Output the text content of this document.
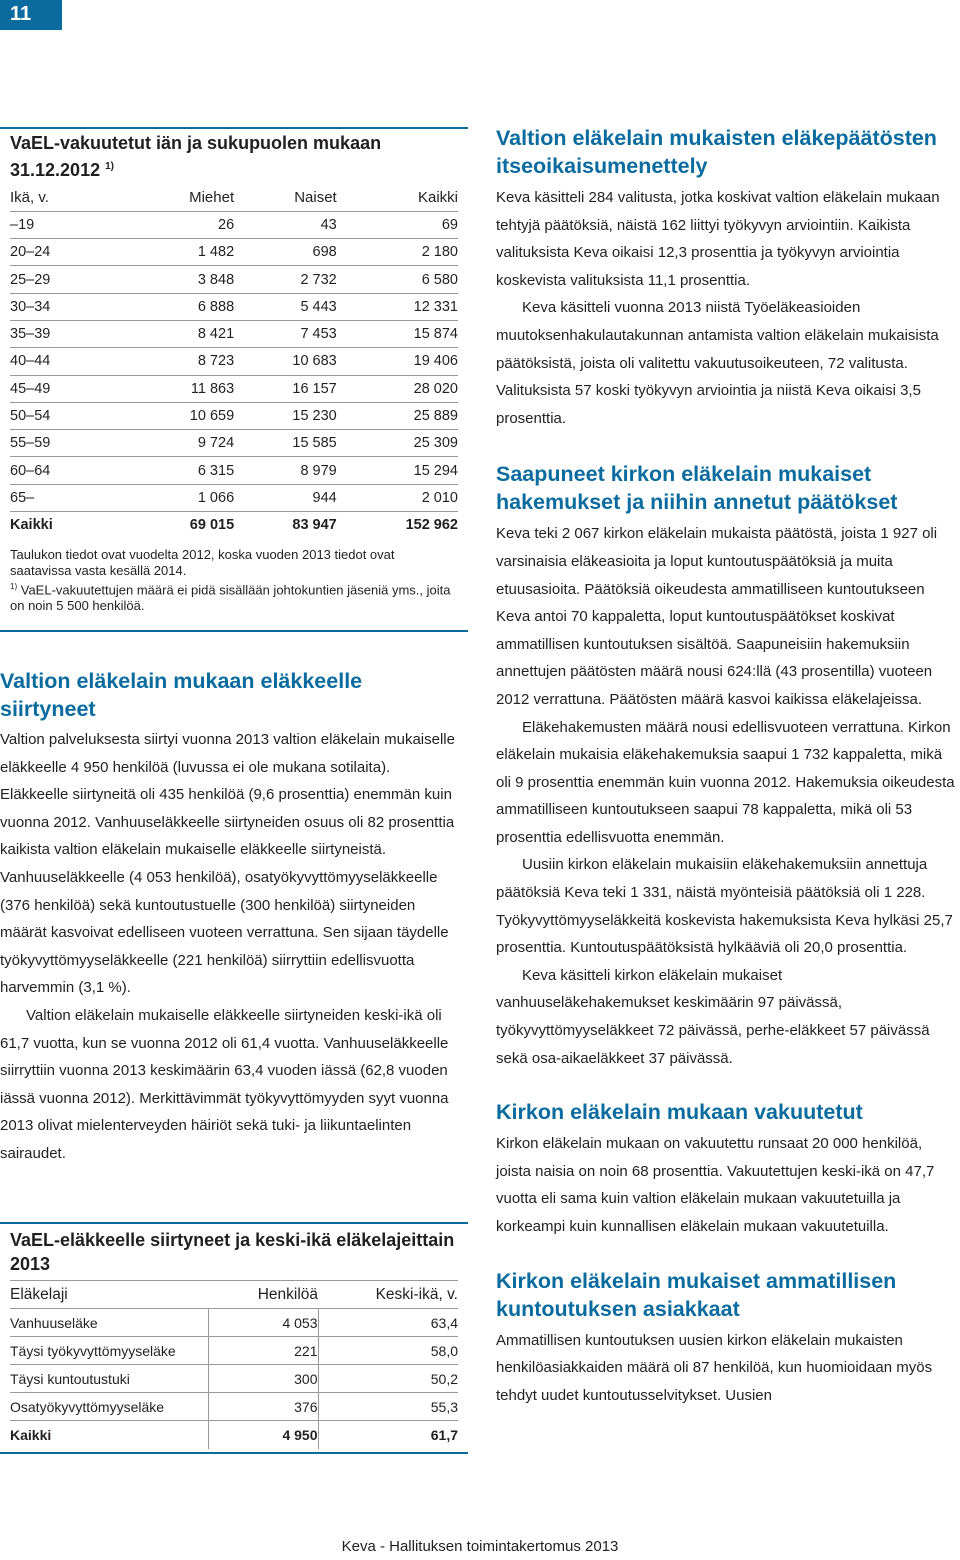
11
VaEL-vakuutetut iän ja sukupuolen mukaan 31.12.2012 $^{1)}$
Ikä, v.	Miehet	Naiset	Kaikki
–19	26	43	69
20–24	1 482	698	2 180
25–29	3 848	2 732	6 580
30–34	6 888	5 443	12 331
35–39	8 421	7 453	15 874
40–44	8 723	10 683	19 406
45–49	11 863	16 157	28 020
50–54	10 659	15 230	25 889
55–59	9 724	15 585	25 309
60–64	6 315	8 979	15 294
65–	1 066	944	2 010
Kaikki	69 015	83 947	152 962
Taulukon tiedot ovat vuodelta 2012, koska vuoden 2013 tiedot ovat saatavissa vasta kesällä 2014.
$^{1)}$ VaEL-vakuutettujen määrä ei pidä sisällään johtokuntien jäseniä yms., joita on noin 5 500 henkilöä.
Valtion eläkelain mukaan eläkkeelle siirtyneet

Valtion palveluksesta siirtyi vuonna 2013 valtion eläkelain mukaiselle eläkkeelle 4 950 henkilöä (luvussa ei ole mukana sotilaita). Eläkkeelle siirtyneitä oli 435 henkilöä (9,6 prosenttia) enemmän kuin vuonna 2012. Vanhuuseläkkeelle siirtyneiden osuus oli 82 prosenttia kaikista valtion eläkelain mukaiselle eläkkeelle siirtyneistä. Vanhuuseläkkeelle (4 053 henkilöä), osatyökyvyttömyyseläkkeelle (376 henkilöä) sekä kuntoutustuelle (300 henkilöä) siirtyneiden määrät kasvoivat edelliseen vuoteen verrattuna. Sen sijaan täydelle työkyvyttömyyseläkkeelle (221 henkilöä) siirryttiin edellisvuotta harvemmin (3,1 %).

Valtion eläkelain mukaiselle eläkkeelle siirtyneiden keski-ikä oli 61,7 vuotta, kun se vuonna 2012 oli 61,4 vuotta. Vanhuuseläkkeelle siirryttiin vuonna 2013 keskimäärin 63,4 vuoden iässä (62,8 vuoden iässä vuonna 2012). Merkittävimmät työkyvyttömyyden syyt vuonna 2013 olivat mielenterveyden häiriöt sekä tuki- ja liikuntaelinten sairaudet.

VaEL-eläkkeelle siirtyneet ja keski-ikä eläkelajeittain 2013
Eläkelaji	Henkilöä	Keski-ikä, v.
Vanhuuseläke	4 053	63,4
Täysi työkyvyttömyyseläke	221	58,0
Täysi kuntoutustuki	300	50,2
Osatyökyvyttömyyseläke	376	55,3
Kaikki	4 950	61,7
Valtion eläkelain mukaisten eläkepäätösten itseoikaisumenettely

Keva käsitteli 284 valitusta, jotka koskivat valtion eläkelain mukaan tehtyjä päätöksiä, näistä 162 liittyi työkyvyn arviointiin. Kaikista valituksista Keva oikaisi 12,3 prosenttia ja työkyvyn arviointia koskevista valituksista 11,1 prosenttia.

Keva käsitteli vuonna 2013 niistä Työeläkeasioiden muutoksenhakulautakunnan antamista valtion eläkelain mukaisista päätöksistä, joista oli valitettu vakuutusoikeuteen, 72 valitusta. Valituksista 57 koski työkyvyn arviointia ja niistä Keva oikaisi 3,5 prosenttia.

Saapuneet kirkon eläkelain mukaiset hakemukset ja niihin annetut päätökset

Keva teki 2 067 kirkon eläkelain mukaista päätöstä, joista 1 927 oli varsinaisia eläkeasioita ja loput kuntoutuspäätöksiä ja muita etuusasioita. Päätöksiä oikeudesta ammatilliseen kuntoutukseen Keva antoi 70 kappaletta, loput kuntoutuspäätökset koskivat ammatillisen kuntoutuksen sisältöä. Saapuneisiin hakemuksiin annettujen päätösten määrä nousi 624:llä (43 prosentilla) vuoteen 2012 verrattuna. Päätösten määrä kasvoi kaikissa eläkelajeissa.

Eläkehakemusten määrä nousi edellisvuoteen verrattuna. Kirkon eläkelain mukaisia eläkehakemuksia saapui 1 732 kappaletta, mikä oli 9 prosenttia enemmän kuin vuonna 2012. Hakemuksia oikeudesta ammatilliseen kuntoutukseen saapui 78 kappaletta, mikä oli 53 prosenttia edellisvuotta enemmän.

Uusiin kirkon eläkelain mukaisiin eläkehakemuksiin annettuja päätöksiä Keva teki 1 331, näistä myönteisiä päätöksiä oli 1 228. Työkyvyttömyyseläkkeitä koskevista hakemuksista Keva hylkäsi 25,7 prosenttia. Kuntoutuspäätöksistä hylkääviä oli 20,0 prosenttia.

Keva käsitteli kirkon eläkelain mukaiset vanhuuseläkehakemukset keskimäärin 97 päivässä, työkyvyttömyyseläkkeet 72 päivässä, perhe-eläkkeet 57 päivässä sekä osa-aikaeläkkeet 37 päivässä.

Kirkon eläkelain mukaan vakuutetut

Kirkon eläkelain mukaan on vakuutettu runsaat 20 000 henkilöä, joista naisia on noin 68 prosenttia. Vakuutettujen keski-ikä on 47,7 vuotta eli sama kuin valtion eläkelain mukaan vakuutetuilla ja korkeampi kuin kunnallisen eläkelain mukaan vakuutetuilla.

Kirkon eläkelain mukaiset ammatillisen kuntoutuksen asiakkaat

Ammatillisen kuntoutuksen uusien kirkon eläkelain mukaisten henkilöasiakkaiden määrä oli 87 henkilöä, kun huomioidaan myös tehdyt uudet kuntoutusselvitykset. Uusien

Keva - Hallituksen toimintakertomus 2013
